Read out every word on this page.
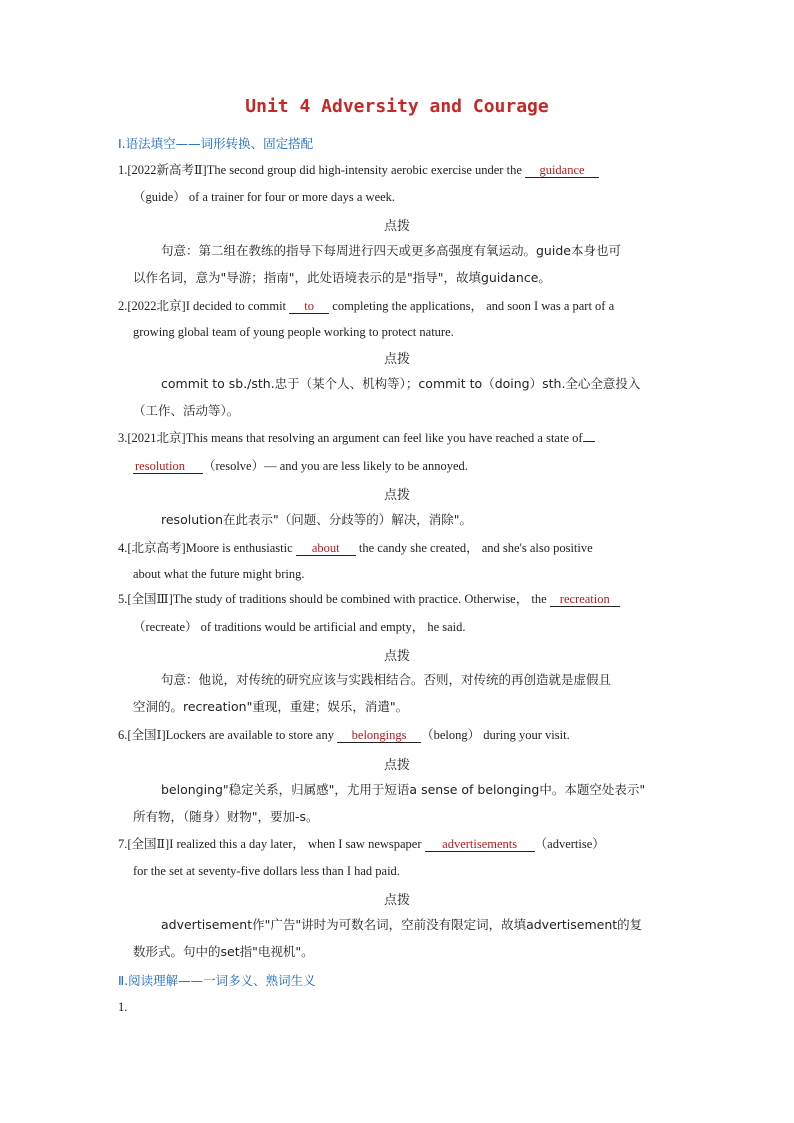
Unit 4 Adversity and Courage
Ⅰ.语法填空——词形转换、固定搭配
1.[2022新高考Ⅱ]The second group did high-intensity aerobic exercise under the guidance
（guide） of a trainer for four or more days a week.
点拨
句意：第二组在教练的指导下每周进行四天或更多高强度有氧运动。guide本身也可
以作名词，意为"导游；指南"，此处语境表示的是"指导"，故填guidance。
2.[2022北京]I decided to commit to completing the applications， and soon I was a part of a
growing global team of young people working to protect nature.
点拨
commit to sb./sth.忠于（某个人、机构等）；commit to（doing）sth.全心全意投入
（工作、活动等）。
3.[2021北京]This means that resolving an argument can feel like you have reached a state of
resolution （resolve）— and you are less likely to be annoyed.
点拨
resolution在此表示"（问题、分歧等的）解决，消除"。
4.[北京高考]Moore is enthusiastic about the candy she created， and she's also positive
about what the future might bring.
5.[全国Ⅲ]The study of traditions should be combined with practice. Otherwise， the recreation
（recreate） of traditions would be artificial and empty， he said.
点拨
句意：他说，对传统的研究应该与实践相结合。否则，对传统的再创造就是虚假且
空洞的。recreation"重现，重建；娱乐，消遣"。
6.[全国Ⅰ]Lockers are available to store any belongings （belong） during your visit.
点拨
belonging"稳定关系，归属感"，尤用于短语a sense of belonging中。本题空处表示"
所有物，（随身）财物"，要加-s。
7.[全国Ⅱ]I realized this a day later， when I saw newspaper advertisements （advertise）
for the set at seventy-five dollars less than I had paid.
点拨
advertisement作"广告"讲时为可数名词，空前没有限定词，故填advertisement的复
数形式。句中的set指"电视机"。
Ⅱ.阅读理解——一词多义、熟词生义
1.
